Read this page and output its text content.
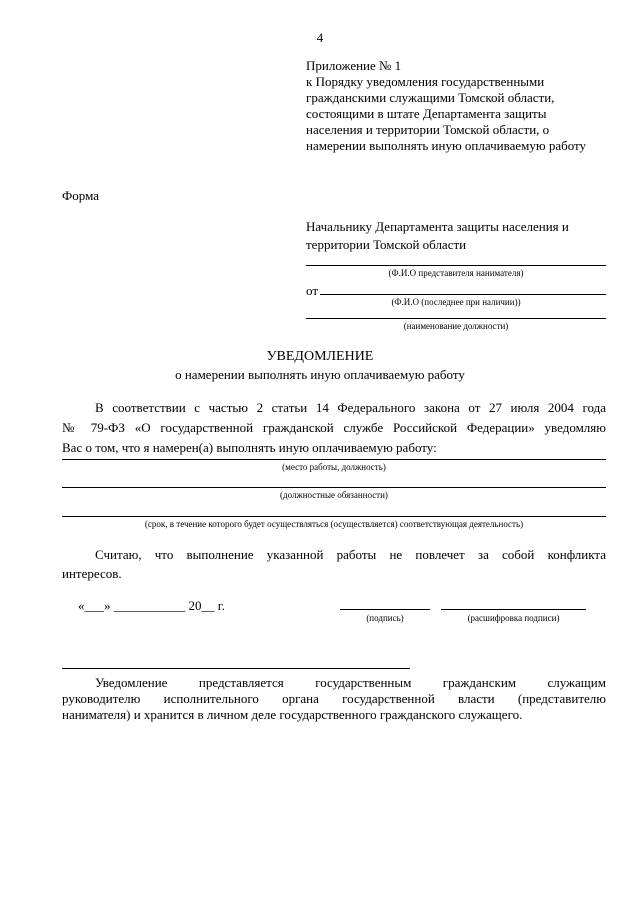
4
Приложение № 1
к Порядку уведомления государственными
гражданскими служащими Томской области,
состоящими в штате Департамента защиты
населения и территории Томской области, о
намерении выполнять иную оплачиваемую работу
Форма
Начальнику Департамента защиты населения и
территории Томской области
(Ф.И.О представителя нанимателя)
от
(Ф.И.О (последнее при наличии))
(наименование должности)
УВЕДОМЛЕНИЕ
о намерении выполнять иную оплачиваемую работу
В соответствии с частью 2 статьи 14 Федерального закона от 27 июля 2004 года
№ 79-ФЗ «О государственной гражданской службе Российской Федерации» уведомляю
Вас о том, что я намерен(а) выполнять иную оплачиваемую работу:
(место работы, должность)
(должностные обязанности)
(срок, в течение которого будет осуществляться (осуществляется) соответствующая деятельность)
Считаю, что выполнение указанной работы не повлечет за собой конфликта
интересов.
«___» ___________ 20__ г.
(подпись)	(расшифровка подписи)
Уведомление представляется государственным гражданским служащим
руководителю исполнительного органа государственной власти (представителю
нанимателя) и хранится в личном деле государственного гражданского служащего.
